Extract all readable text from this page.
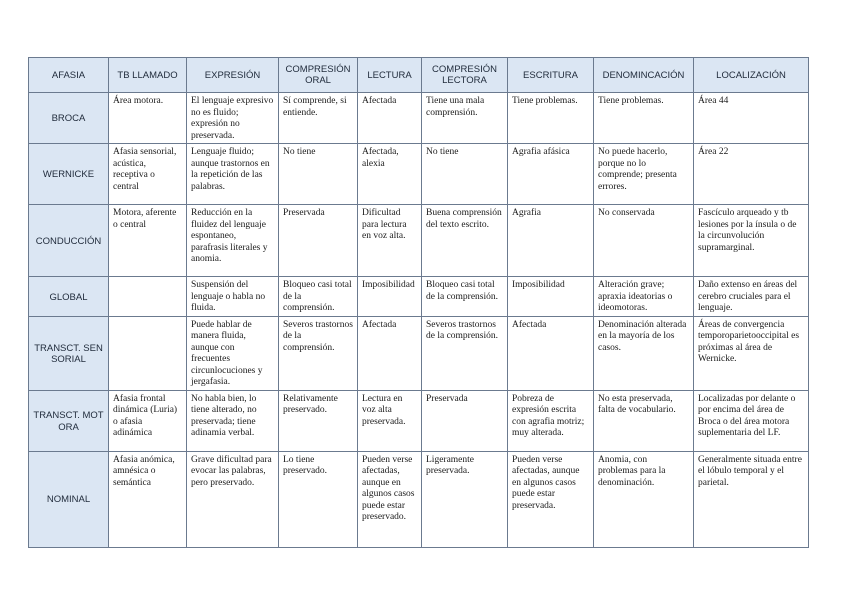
AFASIA	TB LLAMADO	EXPRESIÓN	COMPRESIÓN ORAL	LECTURA	COMPRESIÓN LECTORA	ESCRITURA	DENOMINCACIÓN	LOCALIZACIÓN
BROCA	Área motora.	El lenguaje expresivo no es fluido; expresión no preservada.	Sí comprende, si entiende.	Afectada	Tiene una mala comprensión.	Tiene problemas.	Tiene problemas.	Área 44
WERNICKE	Afasia sensorial, acústica, receptiva o central	Lenguaje fluido; aunque trastornos en la repetición de las palabras.	No tiene	Afectada, alexia	No tiene	Agrafia afásica	No puede hacerlo, porque no lo comprende; presenta errores.	Área 22
CONDUCCIÓN	Motora, aferente o central	Reducción en la fluidez del lenguaje espontaneo, parafrasis literales y anomia.	Preservada	Dificultad para lectura en voz alta.	Buena comprensión del texto escrito.	Agrafia	No conservada	Fascículo arqueado y tb lesiones por la ínsula o de la circunvolución supramarginal.
GLOBAL		Suspensión del lenguaje o habla no fluida.	Bloqueo casi total de la comprensión.	Imposibilidad	Bloqueo casi total de la comprensión.	Imposibilidad	Alteración grave; apraxia ideatorias o ideomotoras.	Daño extenso en áreas del cerebro cruciales para el lenguaje.
TRANSCT. SENSORIAL		Puede hablar de manera fluida, aunque con frecuentes circunlocuciones y jergafasia.	Severos trastornos de la comprensión.	Afectada	Severos trastornos de la comprensión.	Afectada	Denominación alterada en la mayoría de los casos.	Áreas de convergencia temporoparietooccipital es próximas al área de Wernicke.
TRANSCT. MOTORA	Afasia frontal dinámica (Luria) o afasia adinámica	No habla bien, lo tiene alterado, no preservada; tiene adinamia verbal.	Relativamente preservado.	Lectura en voz alta preservada.	Preservada	Pobreza de expresión escrita con agrafia motriz; muy alterada.	No esta preservada, falta de vocabulario.	Localizadas por delante o por encima del área de Broca o del área motora suplementaria del LF.
NOMINAL	Afasia anómica, amnésica o semántica	Grave dificultad para evocar las palabras, pero preservado.	Lo tiene preservado.	Pueden verse afectadas, aunque en algunos casos puede estar preservado.	Ligeramente preservada.	Pueden verse afectadas, aunque en algunos casos puede estar preservada.	Anomia, con problemas para la denominación.	Generalmente situada entre el lóbulo temporal y el parietal.
